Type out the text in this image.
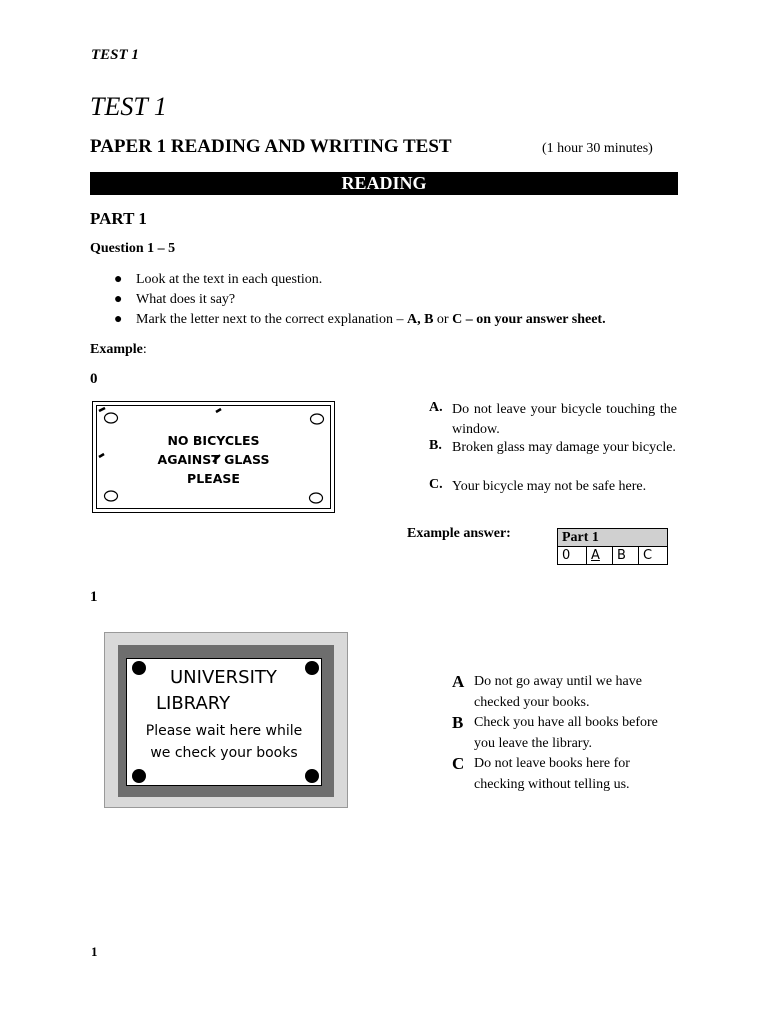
TEST 1
TEST 1
PAPER 1 READING AND WRITING TEST	(1 hour 30 minutes)
READING
PART 1
Question 1 – 5
● Look at the text in each question.
● What does it say?
● Mark the letter next to the correct explanation – A, B or C – on your answer sheet.
Example:
0
NO BICYCLES
AGAINST GLASS
PLEASE
A. Do not leave your bicycle touching the window.
B. Broken glass may damage your bicycle.
C. Your bicycle may not be safe here.
Example answer:	Part 1
0	A	B	C
1
UNIVERSITY
LIBRARY
Please wait here while
we check your books
A Do not go away until we have checked your books.
B Check you have all books before you leave the library.
C Do not leave books here for checking without telling us.
1
